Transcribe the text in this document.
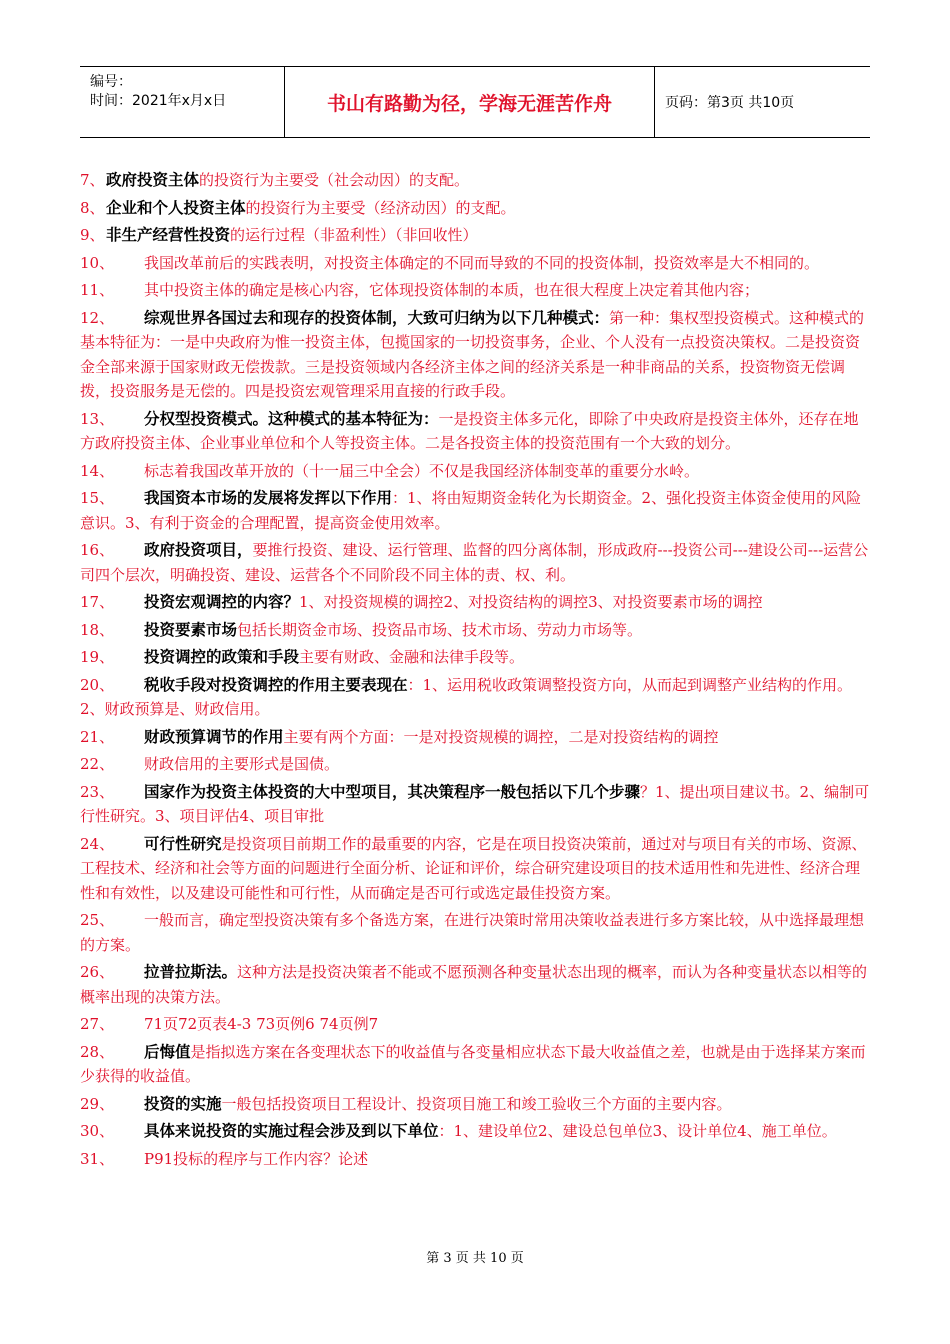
编号：
时间：2021年x月x日	书山有路勤为径，学海无涯苦作舟	页码：第3页 共10页
7、 政府投资主体的投资行为主要受（社会动因）的支配。
8、 企业和个人投资主体的投资行为主要受（经济动因）的支配。
9、 非生产经营性投资的运行过程（非盈利性）（非回收性）
10、	我国改革前后的实践表明，对投资主体确定的不同而导致的不同的投资体制，投资效率是大不相同的。
11、	其中投资主体的确定是核心内容，它体现投资体制的本质，也在很大程度上决定着其他内容；
12、	综观世界各国过去和现存的投资体制，大致可归纳为以下几种模式：第一种：集权型投资模式。这种模式的基本特征为：一是中央政府为惟一投资主体，包揽国家的一切投资事务，企业、个人没有一点投资决策权。二是投资资金全部来源于国家财政无偿拨款。三是投资领域内各经济主体之间的经济关系是一种非商品的关系，投资物资无偿调拨，投资服务是无偿的。四是投资宏观管理采用直接的行政手段。
13、	分权型投资模式。这种模式的基本特征为：一是投资主体多元化，即除了中央政府是投资主体外，还存在地方政府投资主体、企业事业单位和个人等投资主体。二是各投资主体的投资范围有一个大致的划分。
14、	标志着我国改革开放的（十一届三中全会）不仅是我国经济体制变革的重要分水岭。
15、	我国资本市场的发展将发挥以下作用：1、将由短期资金转化为长期资金。2、强化投资主体资金使用的风险意识。3、有利于资金的合理配置，提高资金使用效率。
16、	政府投资项目，要推行投资、建设、运行管理、监督的四分离体制，形成政府---投资公司---建设公司---运营公司四个层次，明确投资、建设、运营各个不同阶段不同主体的责、权、利。
17、	投资宏观调控的内容？1、对投资规模的调控2、对投资结构的调控3、对投资要素市场的调控
18、	投资要素市场包括长期资金市场、投资品市场、技术市场、劳动力市场等。
19、	投资调控的政策和手段主要有财政、金融和法律手段等。
20、	税收手段对投资调控的作用主要表现在：1、运用税收政策调整投资方向，从而起到调整产业结构的作用。2、财政预算是、财政信用。
21、	财政预算调节的作用主要有两个方面：一是对投资规模的调控，二是对投资结构的调控
22、	财政信用的主要形式是国债。
23、	国家作为投资主体投资的大中型项目，其决策程序一般包括以下几个步骤？1、提出项目建议书。2、编制可行性研究。3、项目评估4、项目审批
24、	可行性研究是投资项目前期工作的最重要的内容，它是在项目投资决策前，通过对与项目有关的市场、资源、工程技术、经济和社会等方面的问题进行全面分析、论证和评价，综合研究建设项目的技术适用性和先进性、经济合理性和有效性，以及建设可能性和可行性，从而确定是否可行或选定最佳投资方案。
25、	一般而言，确定型投资决策有多个备选方案，在进行决策时常用决策收益表进行多方案比较，从中选择最理想的方案。
26、	拉普拉斯法。这种方法是投资决策者不能或不愿预测各种变量状态出现的概率，而认为各种变量状态以相等的概率出现的决策方法。
27、	71页72页表4-3 73页例6 74页例7
28、	后悔值是指拟选方案在各变理状态下的收益值与各变量相应状态下最大收益值之差，也就是由于选择某方案而少获得的收益值。
29、	投资的实施一般包括投资项目工程设计、投资项目施工和竣工验收三个方面的主要内容。
30、	具体来说投资的实施过程会涉及到以下单位：1、建设单位2、建设总包单位3、设计单位4、施工单位。
31、	P91投标的程序与工作内容？论述
第 3 页 共 10 页
